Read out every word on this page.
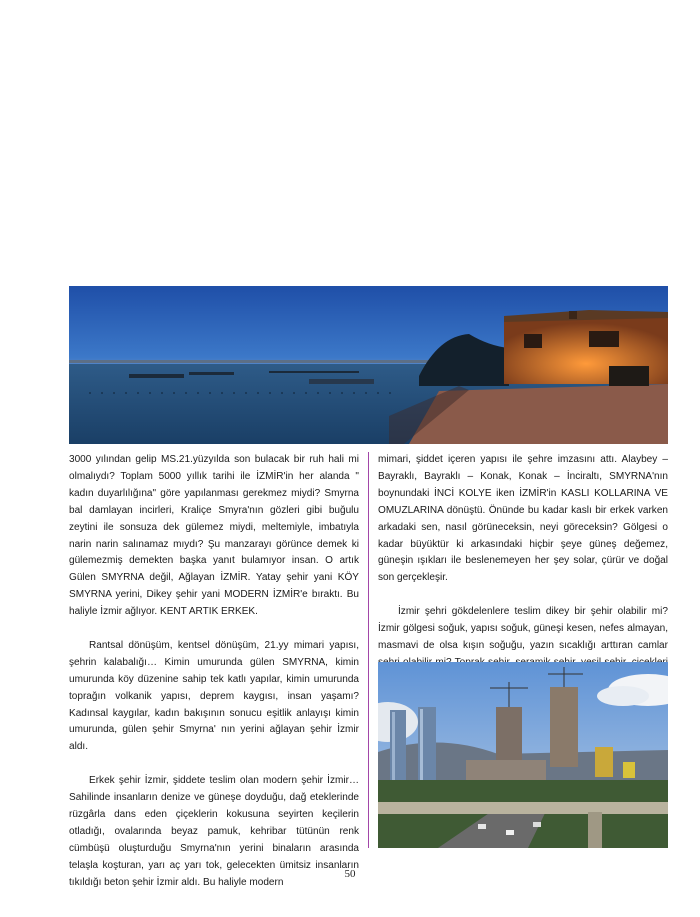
3000 yılından gelip MS.21.yüzyılda son bulacak bir ruh hali mi olmalıydı? Toplam 5000 yıllık tarihi ile İZMİR'in her alanda " kadın duyarlılığına" göre yapılanması gerekmez miydi? Smyrna bal damlayan incirleri, Kraliçe Smyra'nın gözleri gibi buğulu zeytini ile sonsuza dek gülemez miydi, meltemiyle, imbatıyla narin narin salınamaz mıydı? Şu manzarayı görünce demek ki gülemezmiş demekten başka yanıt bulamıyor insan. O artık Gülen SMYRNA değil, Ağlayan İZMİR. Yatay şehir yani KÖY SMYRNA yerini, Dikey şehir yani MODERN İZMİR'e bıraktı. Bu haliyle İzmir ağlıyor. KENT ARTIK ERKEK.

Rantsal dönüşüm, kentsel dönüşüm, 21.yy mimari yapısı, şehrin kalabalığı… Kimin umurunda gülen SMYRNA, kimin umurunda köy düzenine sahip tek katlı yapılar, kimin umurunda toprağın volkanik yapısı, deprem kaygısı, insan yaşamı? Kadınsal kaygılar, kadın bakışının sonucu eşitlik anlayışı kimin umurunda, gülen şehir Smyrna' nın yerini ağlayan şehir İzmir aldı.

Erkek şehir İzmir, şiddete teslim olan modern şehir İzmir… Sahilinde insanların denize ve güneşe doyduğu, dağ eteklerinde rüzgârla dans eden çiçeklerin kokusuna seyirten keçilerin otladığı, ovalarında beyaz pamuk, kehribar tütünün renk cümbüşü oluşturduğu Smyrna'nın yerini binaların arasında telaşla koşturan, yarı aç yarı tok, gelecekten ümitsiz insanların tıkıldığı beton şehir İzmir aldı. Bu haliyle modern

mimari, şiddet içeren yapısı ile şehre imzasını attı. Alaybey – Bayraklı, Bayraklı – Konak, Konak – İnciraltı, SMYRNA'nın boynundaki İNCİ KOLYE iken İZMİR'in KASLI KOLLARINA VE OMUZLARINA dönüştü. Önünde bu kadar kaslı bir erkek varken arkadaki sen, nasıl görüneceksin, neyi göreceksin? Gölgesi o kadar büyüktür ki arkasındaki hiçbir şeye güneş değemez, güneşin ışıkları ile beslenemeyen her şey solar, çürür ve doğal son gerçekleşir.

İzmir şehri gökdelenlere teslim dikey bir şehir olabilir mi? İzmir gölgesi soğuk, yapısı soğuk, güneşi kesen, nefes almayan, masmavi de olsa kışın soğuğu, yazın sıcaklığı arttıran camlar

50
